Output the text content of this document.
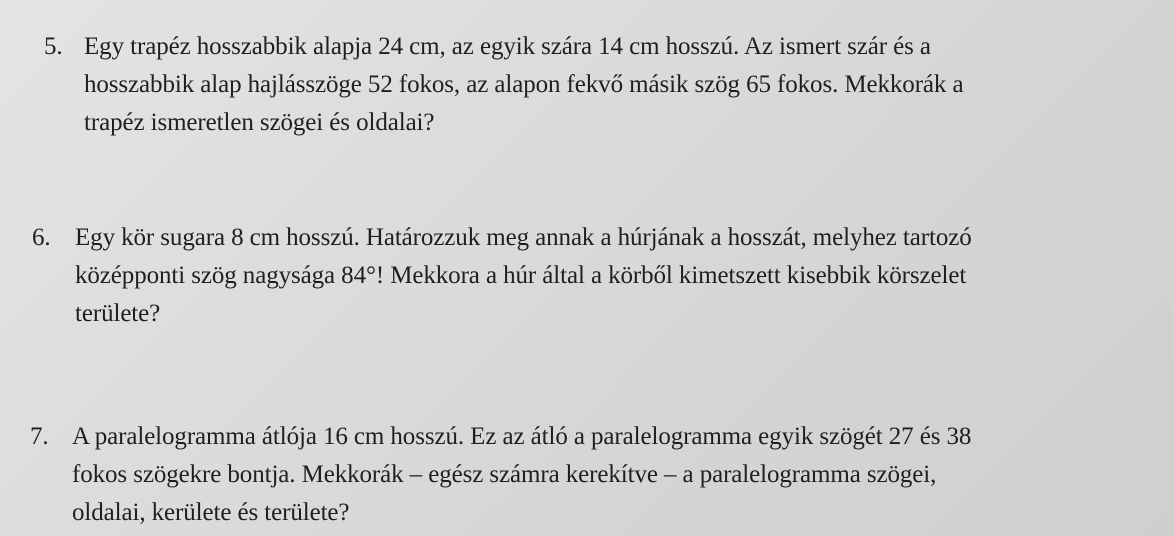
5. Egy trapéz hosszabbik alapja 24 cm, az egyik szára 14 cm hosszú. Az ismert szár és a
hosszabbik alap hajlásszöge 52 fokos, az alapon fekvő másik szög 65 fokos. Mekkorák a
trapéz ismeretlen szögei és oldalai?
6. Egy kör sugara 8 cm hosszú. Határozzuk meg annak a húrjának a hosszát, melyhez tartozó
középponti szög nagysága 84°! Mekkora a húr által a körből kimetszett kisebbik körszelet
területe?
7. A paralelogramma átlója 16 cm hosszú. Ez az átló a paralelogramma egyik szögét 27 és 38
fokos szögekre bontja. Mekkorák – egész számra kerekítve – a paralelogramma szögei,
oldalai, kerülete és területe?
